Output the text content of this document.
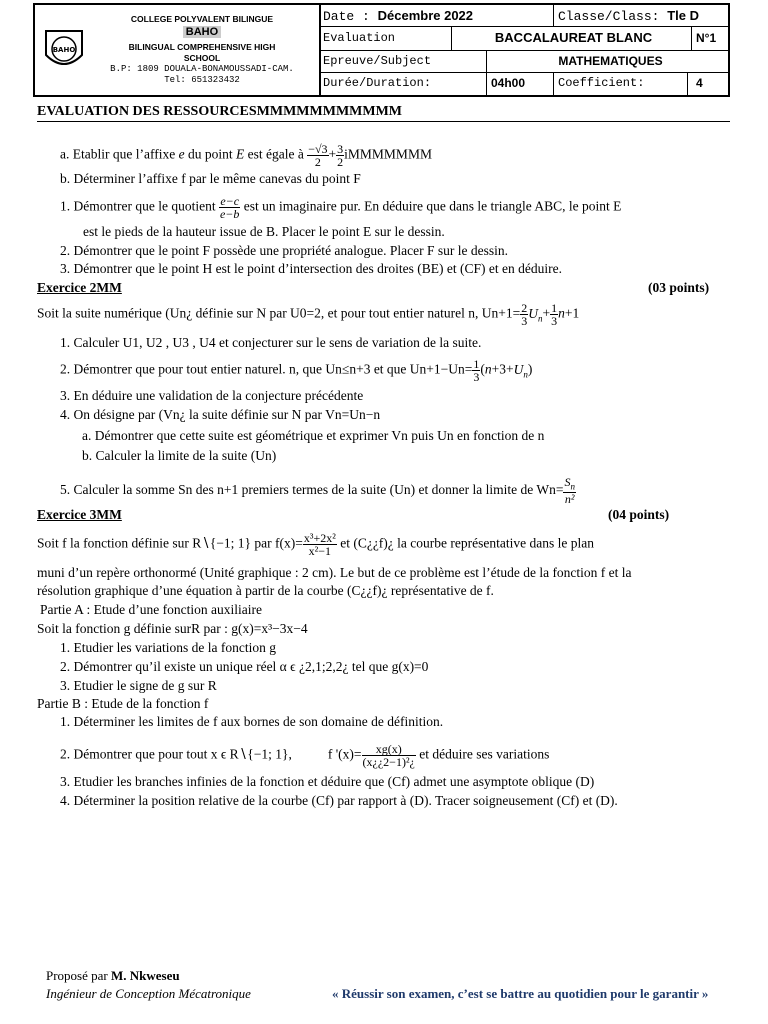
BAHO
COLLEGE POLYVALENT BILINGUE
BAHO
BILINGUAL COMPREHENSIVE HIGH
SCHOOL
B.P: 1809 DOUALA-BONAMOUSSADI-CAM.
Tel: 651323432
Date : Décembre 2022	Classe/Class: Tle D
Evaluation	BACCALAUREAT BLANC	N°1
Epreuve/Subject	MATHEMATIQUES
Durée/Duration:	04h00	Coefficient:	4
EVALUATION DES RESSOURCESMMMMMMMMMMM
a. Etablir que l’affixe e du point E est égale à $\frac{-√3}{2} + \frac{3}{2}$ iMMMMMMM
b. Déterminer l’affixe f par le même canevas du point F
1. Démontrer que le quotient $\frac{e-c}{e-b}$ est un imaginaire pur. En déduire que dans le triangle ABC, le point E
est le pieds de la hauteur issue de B. Placer le point E sur le dessin.
2. Démontrer que le point F possède une propriété analogue. Placer F sur le dessin.
3. Démontrer que le point H est le point d’intersection des droites (BE) et (CF) et en déduire.
Exercice 2MM	(03 points)
Soit la suite numérique (Un¿ définie sur N par U0=2, et pour tout entier naturel n, $Un+1= \frac{2}{3} U_n+ \frac{1}{3} n+1$
1. Calculer U1, U2 , U3 , U4 et conjecturer sur le sens de variation de la suite.
2. Démontrer que pour tout entier naturel. n, que Un≤n+3 et que $Un+1-Un= \frac{1}{3} (n+3+U_n)$
3. En déduire une validation de la conjecture précédente
4. On désigne par (Vn¿ la suite définie sur N par Vn=Un−n
a. Démontrer que cette suite est géométrique et exprimer Vn puis Un en fonction de n
b. Calculer la limite de la suite (Un)
5. Calculer la somme Sn des n+1 premiers termes de la suite (Un) et donner la limite de $Wn= \frac{S_n}{\text{n²}}$
Exercice 3MM	(04 points)
Soit f la fonction définie sur R∖{−1; 1} par $f(x)= \frac{\text{x³+2x²}}{\text{x²−1}}$ et (C¿¿f)¿ la courbe représentative dans le plan
muni d’un repère orthonormé (Unité graphique : 2 cm). Le but de ce problème est l’étude de la fonction f et la
résolution graphique d’une équation à partir de la courbe (C¿¿f)¿ représentative de f.
Partie A : Etude d’une fonction auxiliaire
Soit la fonction g définie surR par : g(x)=x³−3x−4
1. Etudier les variations de la fonction g
2. Démontrer qu’il existe un unique réel α ϵ ¿2,1;2,2¿ tel que g(x)=0
3. Etudier le signe de g sur R
Partie B : Etude de la fonction f
1. Déterminer les limites de f aux bornes de son domaine de définition.
2. Démontrer que pour tout x ϵ R∖{−1; 1},	f '$(x)= \frac{xg(x)}{\text{(x¿¿2−1)²¿}}$ et déduire ses variations
3. Etudier les branches infinies de la fonction et déduire que (Cf) admet une asymptote oblique (D)
4. Déterminer la position relative de la courbe (Cf) par rapport à (D). Tracer soigneusement (Cf) et (D).
Proposé par M. Nkweseu
Ingénieur de Conception Mécatronique	« Réussir son examen, c’est se battre au quotidien pour le garantir »
